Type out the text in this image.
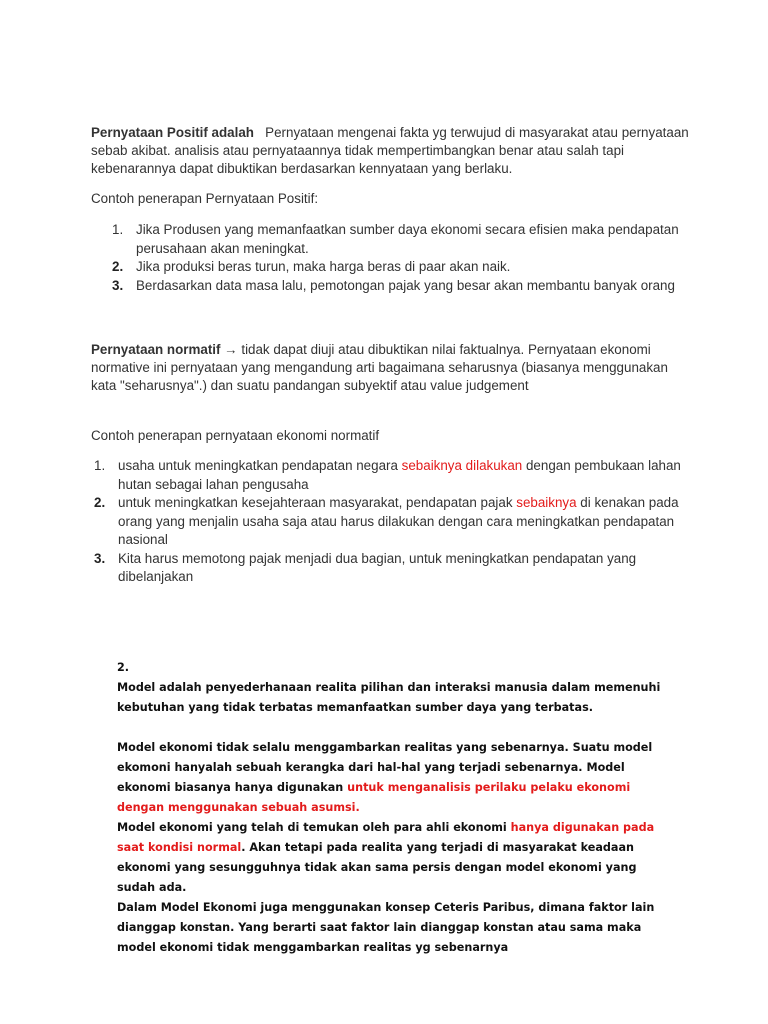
Pernyataan Positif adalah Pernyataan mengenai fakta yg terwujud di masyarakat atau pernyataan sebab akibat. analisis atau pernyataannya tidak mempertimbangkan benar atau salah tapi kebenarannya dapat dibuktikan berdasarkan kennyataan yang berlaku.

Contoh penerapan Pernyataan Positif:

1. Jika Produsen yang memanfaatkan sumber daya ekonomi secara efisien maka pendapatan perusahaan akan meningkat.
2. Jika produksi beras turun, maka harga beras di paar akan naik.
3. Berdasarkan data masa lalu, pemotongan pajak yang besar akan membantu banyak orang

Pernyataan normatif → tidak dapat diuji atau dibuktikan nilai faktualnya. Pernyataan ekonomi normative ini pernyataan yang mengandung arti bagaimana seharusnya (biasanya menggunakan kata "seharusnya".) dan suatu pandangan subyektif atau value judgement

Contoh penerapan pernyataan ekonomi normatif

1. usaha untuk meningkatkan pendapatan negara sebaiknya dilakukan dengan pembukaan lahan hutan sebagai lahan pengusaha
2. untuk meningkatkan kesejahteraan masyarakat, pendapatan pajak sebaiknya di kenakan pada orang yang menjalin usaha saja atau harus dilakukan dengan cara meningkatkan pendapatan nasional
3. Kita harus memotong pajak menjadi dua bagian, untuk meningkatkan pendapatan yang dibelanjakan

2.

Model adalah penyederhanaan realita pilihan dan interaksi manusia dalam memenuhi kebutuhan yang tidak terbatas memanfaatkan sumber daya yang terbatas.

Model ekonomi tidak selalu menggambarkan realitas yang sebenarnya. Suatu model ekomoni hanyalah sebuah kerangka dari hal-hal yang terjadi sebenarnya. Model ekonomi biasanya hanya digunakan untuk menganalisis perilaku pelaku ekonomi dengan menggunakan sebuah asumsi.

Model ekonomi yang telah di temukan oleh para ahli ekonomi hanya digunakan pada saat kondisi normal. Akan tetapi pada realita yang terjadi di masyarakat keadaan ekonomi yang sesungguhnya tidak akan sama persis dengan model ekonomi yang sudah ada.

Dalam Model Ekonomi juga menggunakan konsep Ceteris Paribus, dimana faktor lain dianggap konstan. Yang berarti saat faktor lain dianggap konstan atau sama maka model ekonomi tidak menggambarkan realitas yg sebenarnya
